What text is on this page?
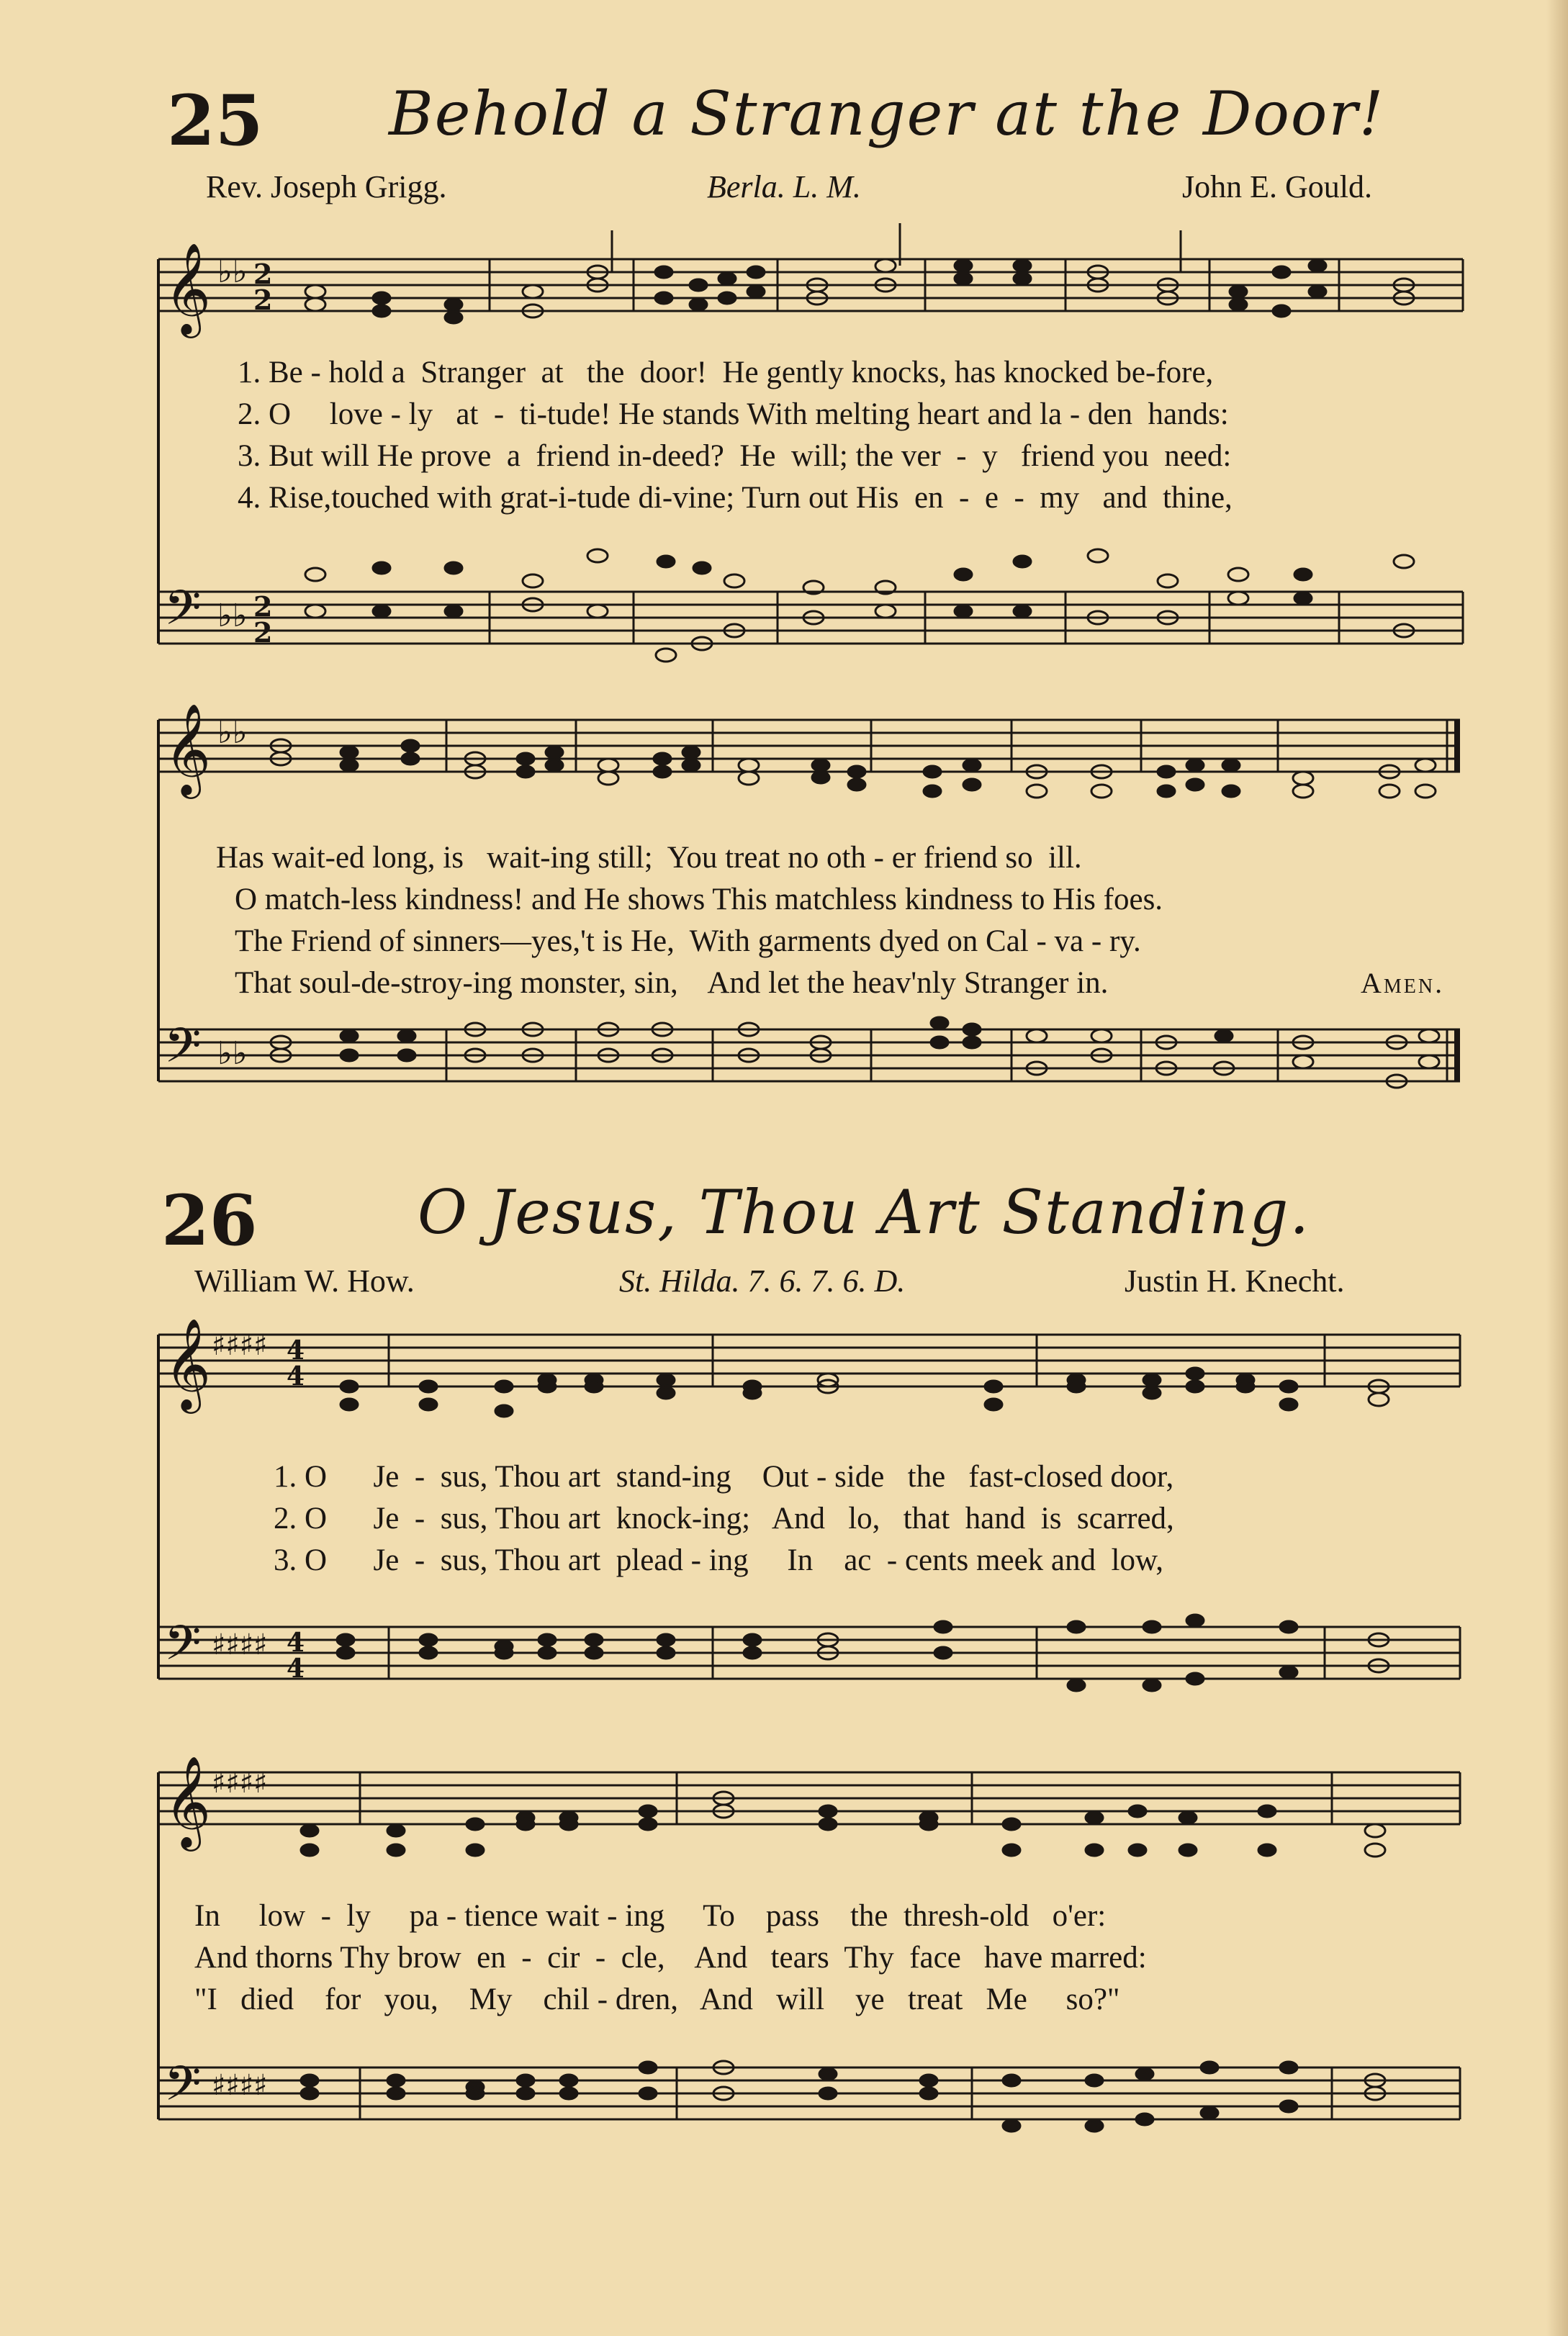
25 Behold a Stranger at the Door!
Rev. Joseph Grigg.	Berla. L. M.	John E. Gould.
𝄞
𝄢
♭♭
♭♭
2
2
2
2
1. Be - hold a  Stranger  at   the  door!  He gently knocks, has knocked be-fore,
2. O     love - ly   at  -  ti-tude! He stands With melting heart and la - den  hands:
3. But will He prove  a  friend in-deed?  He  will; the ver  -  y   friend you  need:
4. Rise,touched with grat-i-tude di-vine; Turn out His  en  -  e  -  my   and  thine,
𝄞
𝄢
♭♭
♭♭
Has wait-ed long, is   wait-ing still;  You treat no oth - er friend so  ill.
O match-less kindness! and He shows This matchless kindness to His foes.
The Friend of sinners—yes,'t is He,  With garments dyed on Cal - va - ry.
That soul-de-stroy-ing monster, sin,    And let the heav'nly Stranger in.	Amen.
26	O Jesus, Thou Art Standing.
William W. How.	St. Hilda. 7. 6. 7. 6. D.	Justin H. Knecht.
𝄞
𝄢
♯♯♯♯
♯♯♯♯
4
4
4
4
1. O      Je  -  sus, Thou art  stand-ing    Out - side   the   fast-closed door,
2. O      Je  -  sus, Thou art  knock-ing;   And   lo,   that  hand  is  scarred,
3. O      Je  -  sus, Thou art  plead - ing     In    ac  - cents meek and  low,
𝄞
𝄢
♯♯♯♯
♯♯♯♯
In     low  -  ly     pa - tience wait - ing     To    pass    the  thresh-old   o'er:
And thorns Thy brow  en  -  cir  -  cle,    And   tears  Thy  face   have marred:
"I   died    for   you,    My    chil - dren,   And   will    ye   treat   Me     so?"
